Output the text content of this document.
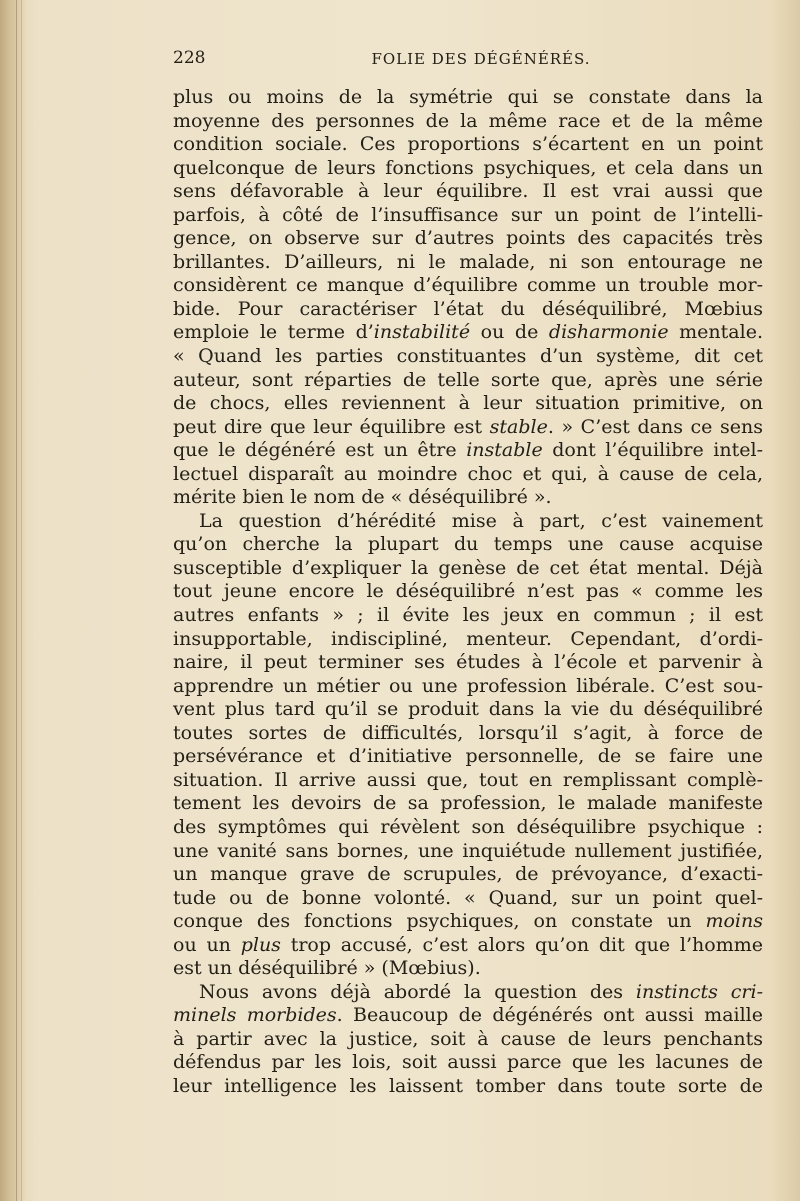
228	FOLIE DES DÉGÉNÉRÉS.
plus ou moins de la symétrie qui se constate dans la
moyenne des personnes de la même race et de la même
condition sociale. Ces proportions s’écartent en un point
quelconque de leurs fonctions psychiques, et cela dans un
sens défavorable à leur équilibre. Il est vrai aussi que
parfois, à côté de l’insuffisance sur un point de l’intelli-
gence, on observe sur d’autres points des capacités très
brillantes. D’ailleurs, ni le malade, ni son entourage ne
considèrent ce manque d’équilibre comme un trouble mor-
bide. Pour caractériser l’état du déséquilibré, Mœbius
emploie le terme d’instabilité ou de disharmonie mentale.
« Quand les parties constituantes d’un système, dit cet
auteur, sont réparties de telle sorte que, après une série
de chocs, elles reviennent à leur situation primitive, on
peut dire que leur équilibre est stable. » C’est dans ce sens
que le dégénéré est un être instable dont l’équilibre intel-
lectuel disparaît au moindre choc et qui, à cause de cela,
mérite bien le nom de « déséquilibré ».
La question d’hérédité mise à part, c’est vainement
qu’on cherche la plupart du temps une cause acquise
susceptible d’expliquer la genèse de cet état mental. Déjà
tout jeune encore le déséquilibré n’est pas « comme les
autres enfants » ; il évite les jeux en commun ; il est
insupportable, indiscipliné, menteur. Cependant, d’ordi-
naire, il peut terminer ses études à l’école et parvenir à
apprendre un métier ou une profession libérale. C’est sou-
vent plus tard qu’il se produit dans la vie du déséquilibré
toutes sortes de difficultés, lorsqu’il s’agit, à force de
persévérance et d’initiative personnelle, de se faire une
situation. Il arrive aussi que, tout en remplissant complè-
tement les devoirs de sa profession, le malade manifeste
des symptômes qui révèlent son déséquilibre psychique :
une vanité sans bornes, une inquiétude nullement justifiée,
un manque grave de scrupules, de prévoyance, d’exacti-
tude ou de bonne volonté. « Quand, sur un point quel-
conque des fonctions psychiques, on constate un moins
ou un plus trop accusé, c’est alors qu’on dit que l’homme
est un déséquilibré » (Mœbius).
Nous avons déjà abordé la question des instincts cri-
minels morbides. Beaucoup de dégénérés ont aussi maille
à partir avec la justice, soit à cause de leurs penchants
défendus par les lois, soit aussi parce que les lacunes de
leur intelligence les laissent tomber dans toute sorte de
